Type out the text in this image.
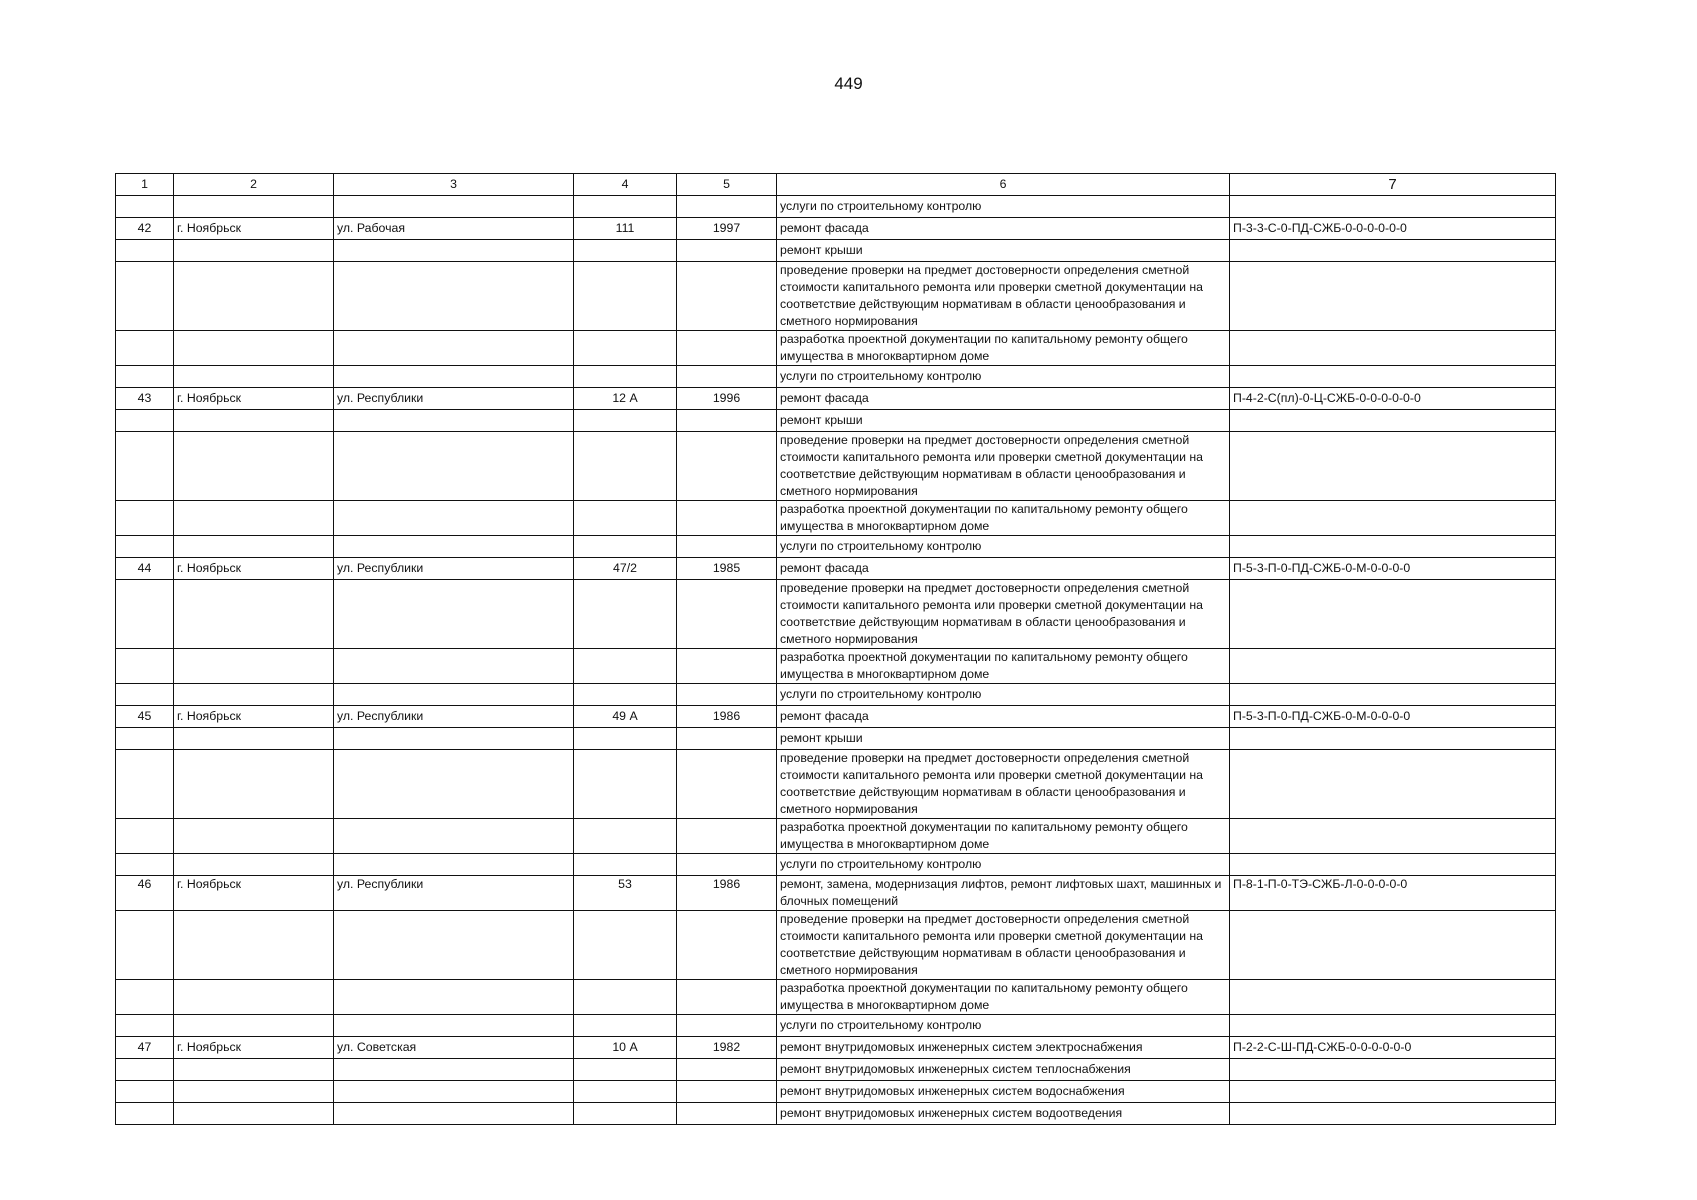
449
1	2	3	4	5	6	7
					услуги по строительному контролю	
42	г. Ноябрьск	ул. Рабочая	111	1997	ремонт фасада	П-3-3-С-0-ПД-СЖБ-0-0-0-0-0-0
					ремонт крыши	
					проведение проверки на предмет достоверности определения сметной стоимости капитального ремонта или проверки сметной документации на соответствие действующим нормативам в области ценообразования и сметного нормирования	
					разработка проектной документации по капитальному ремонту общего имущества в многоквартирном доме	
					услуги по строительному контролю	
43	г. Ноябрьск	ул. Республики	12 А	1996	ремонт фасада	П-4-2-С(пл)-0-Ц-СЖБ-0-0-0-0-0-0
					ремонт крыши	
					проведение проверки на предмет достоверности определения сметной стоимости капитального ремонта или проверки сметной документации на соответствие действующим нормативам в области ценообразования и сметного нормирования	
					разработка проектной документации по капитальному ремонту общего имущества в многоквартирном доме	
					услуги по строительному контролю	
44	г. Ноябрьск	ул. Республики	47/2	1985	ремонт фасада	П-5-3-П-0-ПД-СЖБ-0-М-0-0-0-0
					проведение проверки на предмет достоверности определения сметной стоимости капитального ремонта или проверки сметной документации на соответствие действующим нормативам в области ценообразования и сметного нормирования	
					разработка проектной документации по капитальному ремонту общего имущества в многоквартирном доме	
					услуги по строительному контролю	
45	г. Ноябрьск	ул. Республики	49 А	1986	ремонт фасада	П-5-3-П-0-ПД-СЖБ-0-М-0-0-0-0
					ремонт крыши	
					проведение проверки на предмет достоверности определения сметной стоимости капитального ремонта или проверки сметной документации на соответствие действующим нормативам в области ценообразования и сметного нормирования	
					разработка проектной документации по капитальному ремонту общего имущества в многоквартирном доме	
					услуги по строительному контролю	
46	г. Ноябрьск	ул. Республики	53	1986	ремонт, замена, модернизация лифтов, ремонт лифтовых шахт, машинных и блочных помещений	П-8-1-П-0-ТЭ-СЖБ-Л-0-0-0-0-0
					проведение проверки на предмет достоверности определения сметной стоимости капитального ремонта или проверки сметной документации на соответствие действующим нормативам в области ценообразования и сметного нормирования	
					разработка проектной документации по капитальному ремонту общего имущества в многоквартирном доме	
					услуги по строительному контролю	
47	г. Ноябрьск	ул. Советская	10 А	1982	ремонт внутридомовых инженерных систем электроснабжения	П-2-2-С-Ш-ПД-СЖБ-0-0-0-0-0-0
					ремонт внутридомовых инженерных систем теплоснабжения	
					ремонт внутридомовых инженерных систем водоснабжения	
					ремонт внутридомовых инженерных систем водоотведения	
